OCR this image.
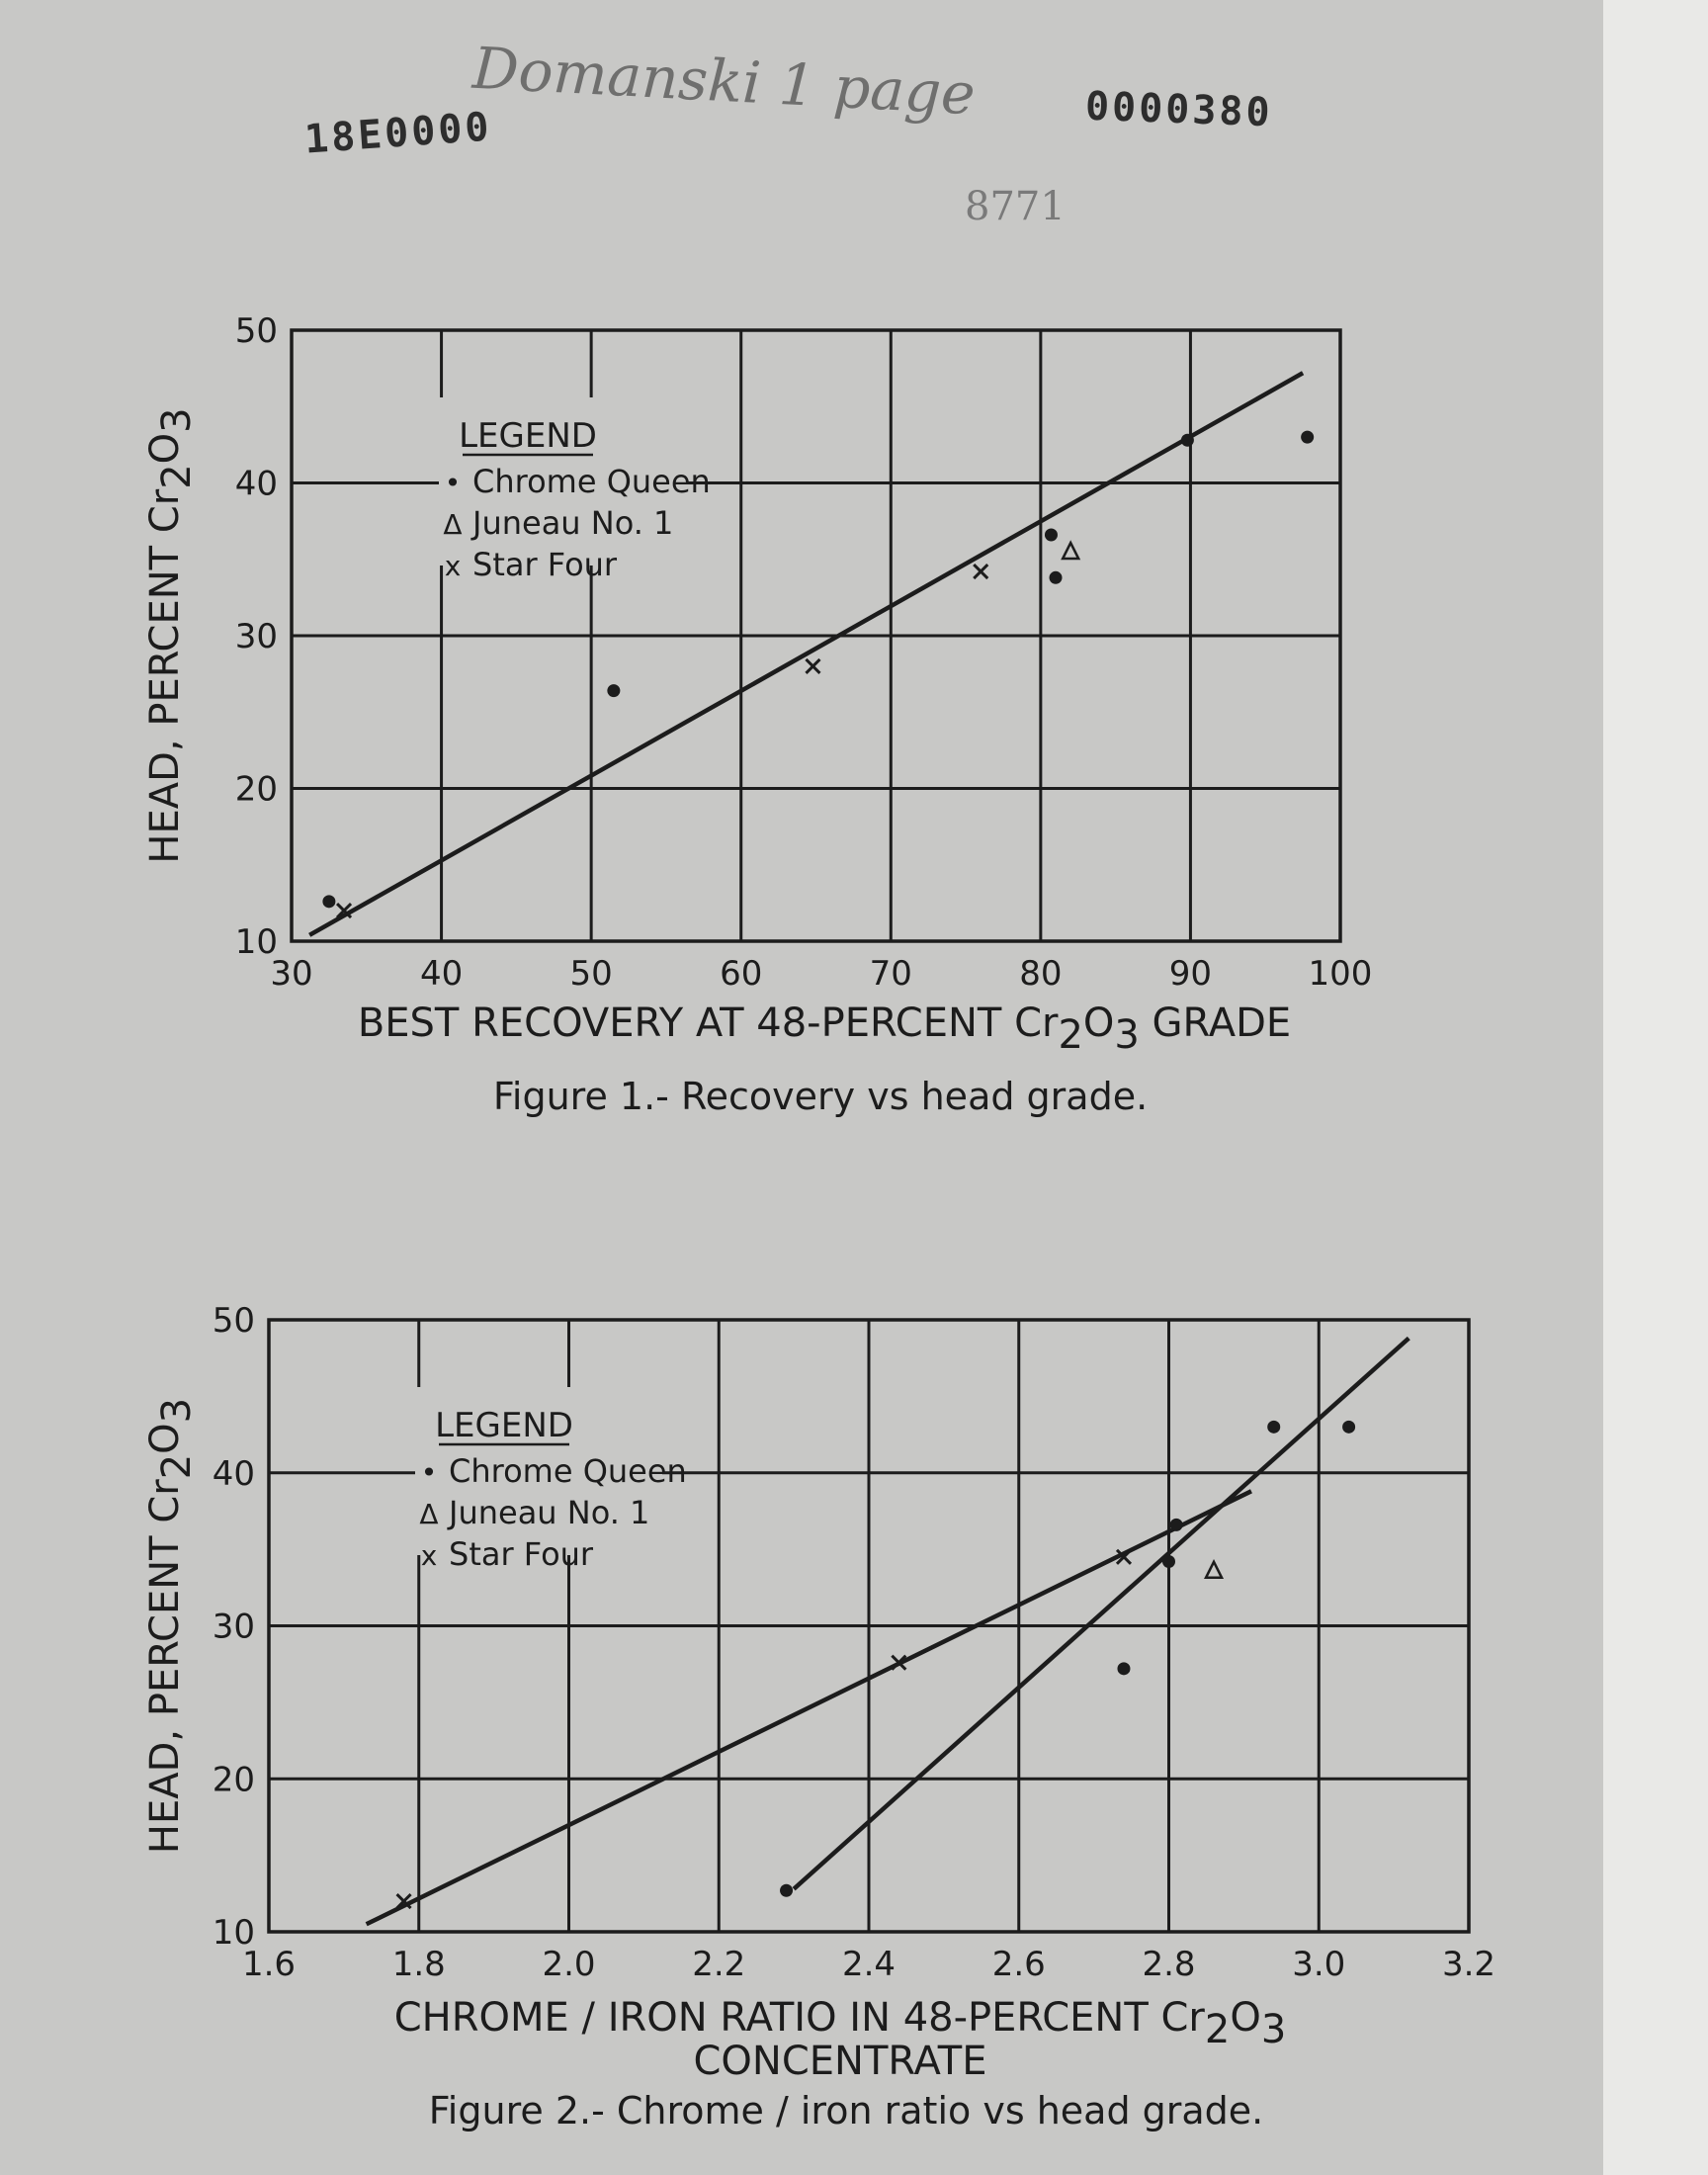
18E0000
Domanski 1 page	0000380
8771
LEGEND
• Chrome Queen
Δ Juneau No. 1
x Star Four
30	40	50	60	70	80	90	100
10
20
30
40
50
HEAD, PERCENT Cr2O3
BEST RECOVERY AT 48-PERCENT Cr2O3 GRADE
Figure 1.- Recovery vs head grade.
LEGEND
• Chrome Queen
Δ Juneau No. 1
x Star Four
1.6	1.8	2.0	2.2	2.4	2.6	2.8	3.0	3.2
10
20
30
40
50
HEAD, PERCENT Cr2O3
CHROME / IRON RATIO IN 48-PERCENT Cr2O3
CONCENTRATE
Figure 2.- Chrome / iron ratio vs head grade.
